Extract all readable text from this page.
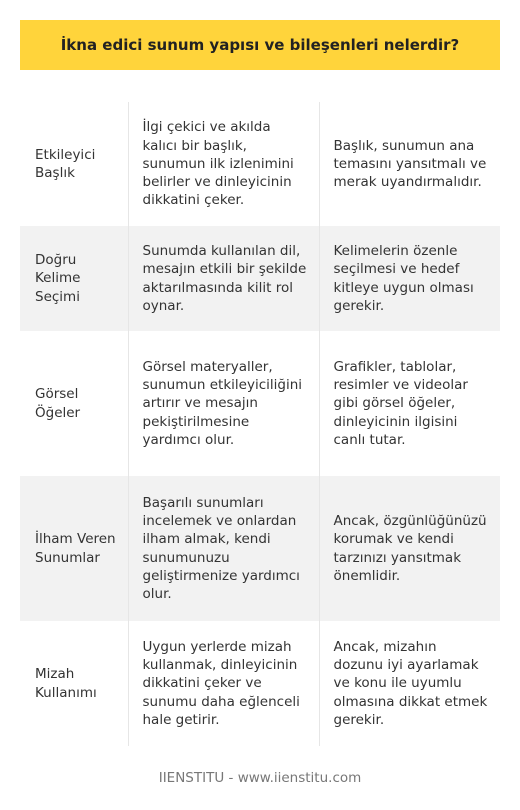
İkna edici sunum yapısı ve bileşenleri nelerdir?
Etkileyici Başlık	İlgi çekici ve akılda kalıcı bir başlık, sunumun ilk izlenimini belirler ve dinleyicinin dikkatini çeker.	Başlık, sunumun ana temasını yansıtmalı ve merak uyandırmalıdır.
Doğru Kelime Seçimi	Sunumda kullanılan dil, mesajın etkili bir şekilde aktarılmasında kilit rol oynar.	Kelimelerin özenle seçilmesi ve hedef kitleye uygun olması gerekir.
Görsel Öğeler	Görsel materyaller, sunumun etkileyiciliğini artırır ve mesajın pekiştirilmesine yardımcı olur.	Grafikler, tablolar, resimler ve videolar gibi görsel öğeler, dinleyicinin ilgisini canlı tutar.
İlham Veren Sunumlar	Başarılı sunumları incelemek ve onlardan ilham almak, kendi sunumunuzu geliştirmenize yardımcı olur.	Ancak, özgünlüğünüzü korumak ve kendi tarzınızı yansıtmak önemlidir.
Mizah Kullanımı	Uygun yerlerde mizah kullanmak, dinleyicinin dikkatini çeker ve sunumu daha eğlenceli hale getirir.	Ancak, mizahın dozunu iyi ayarlamak ve konu ile uyumlu olmasına dikkat etmek gerekir.
IIENSTITU - www.iienstitu.com
